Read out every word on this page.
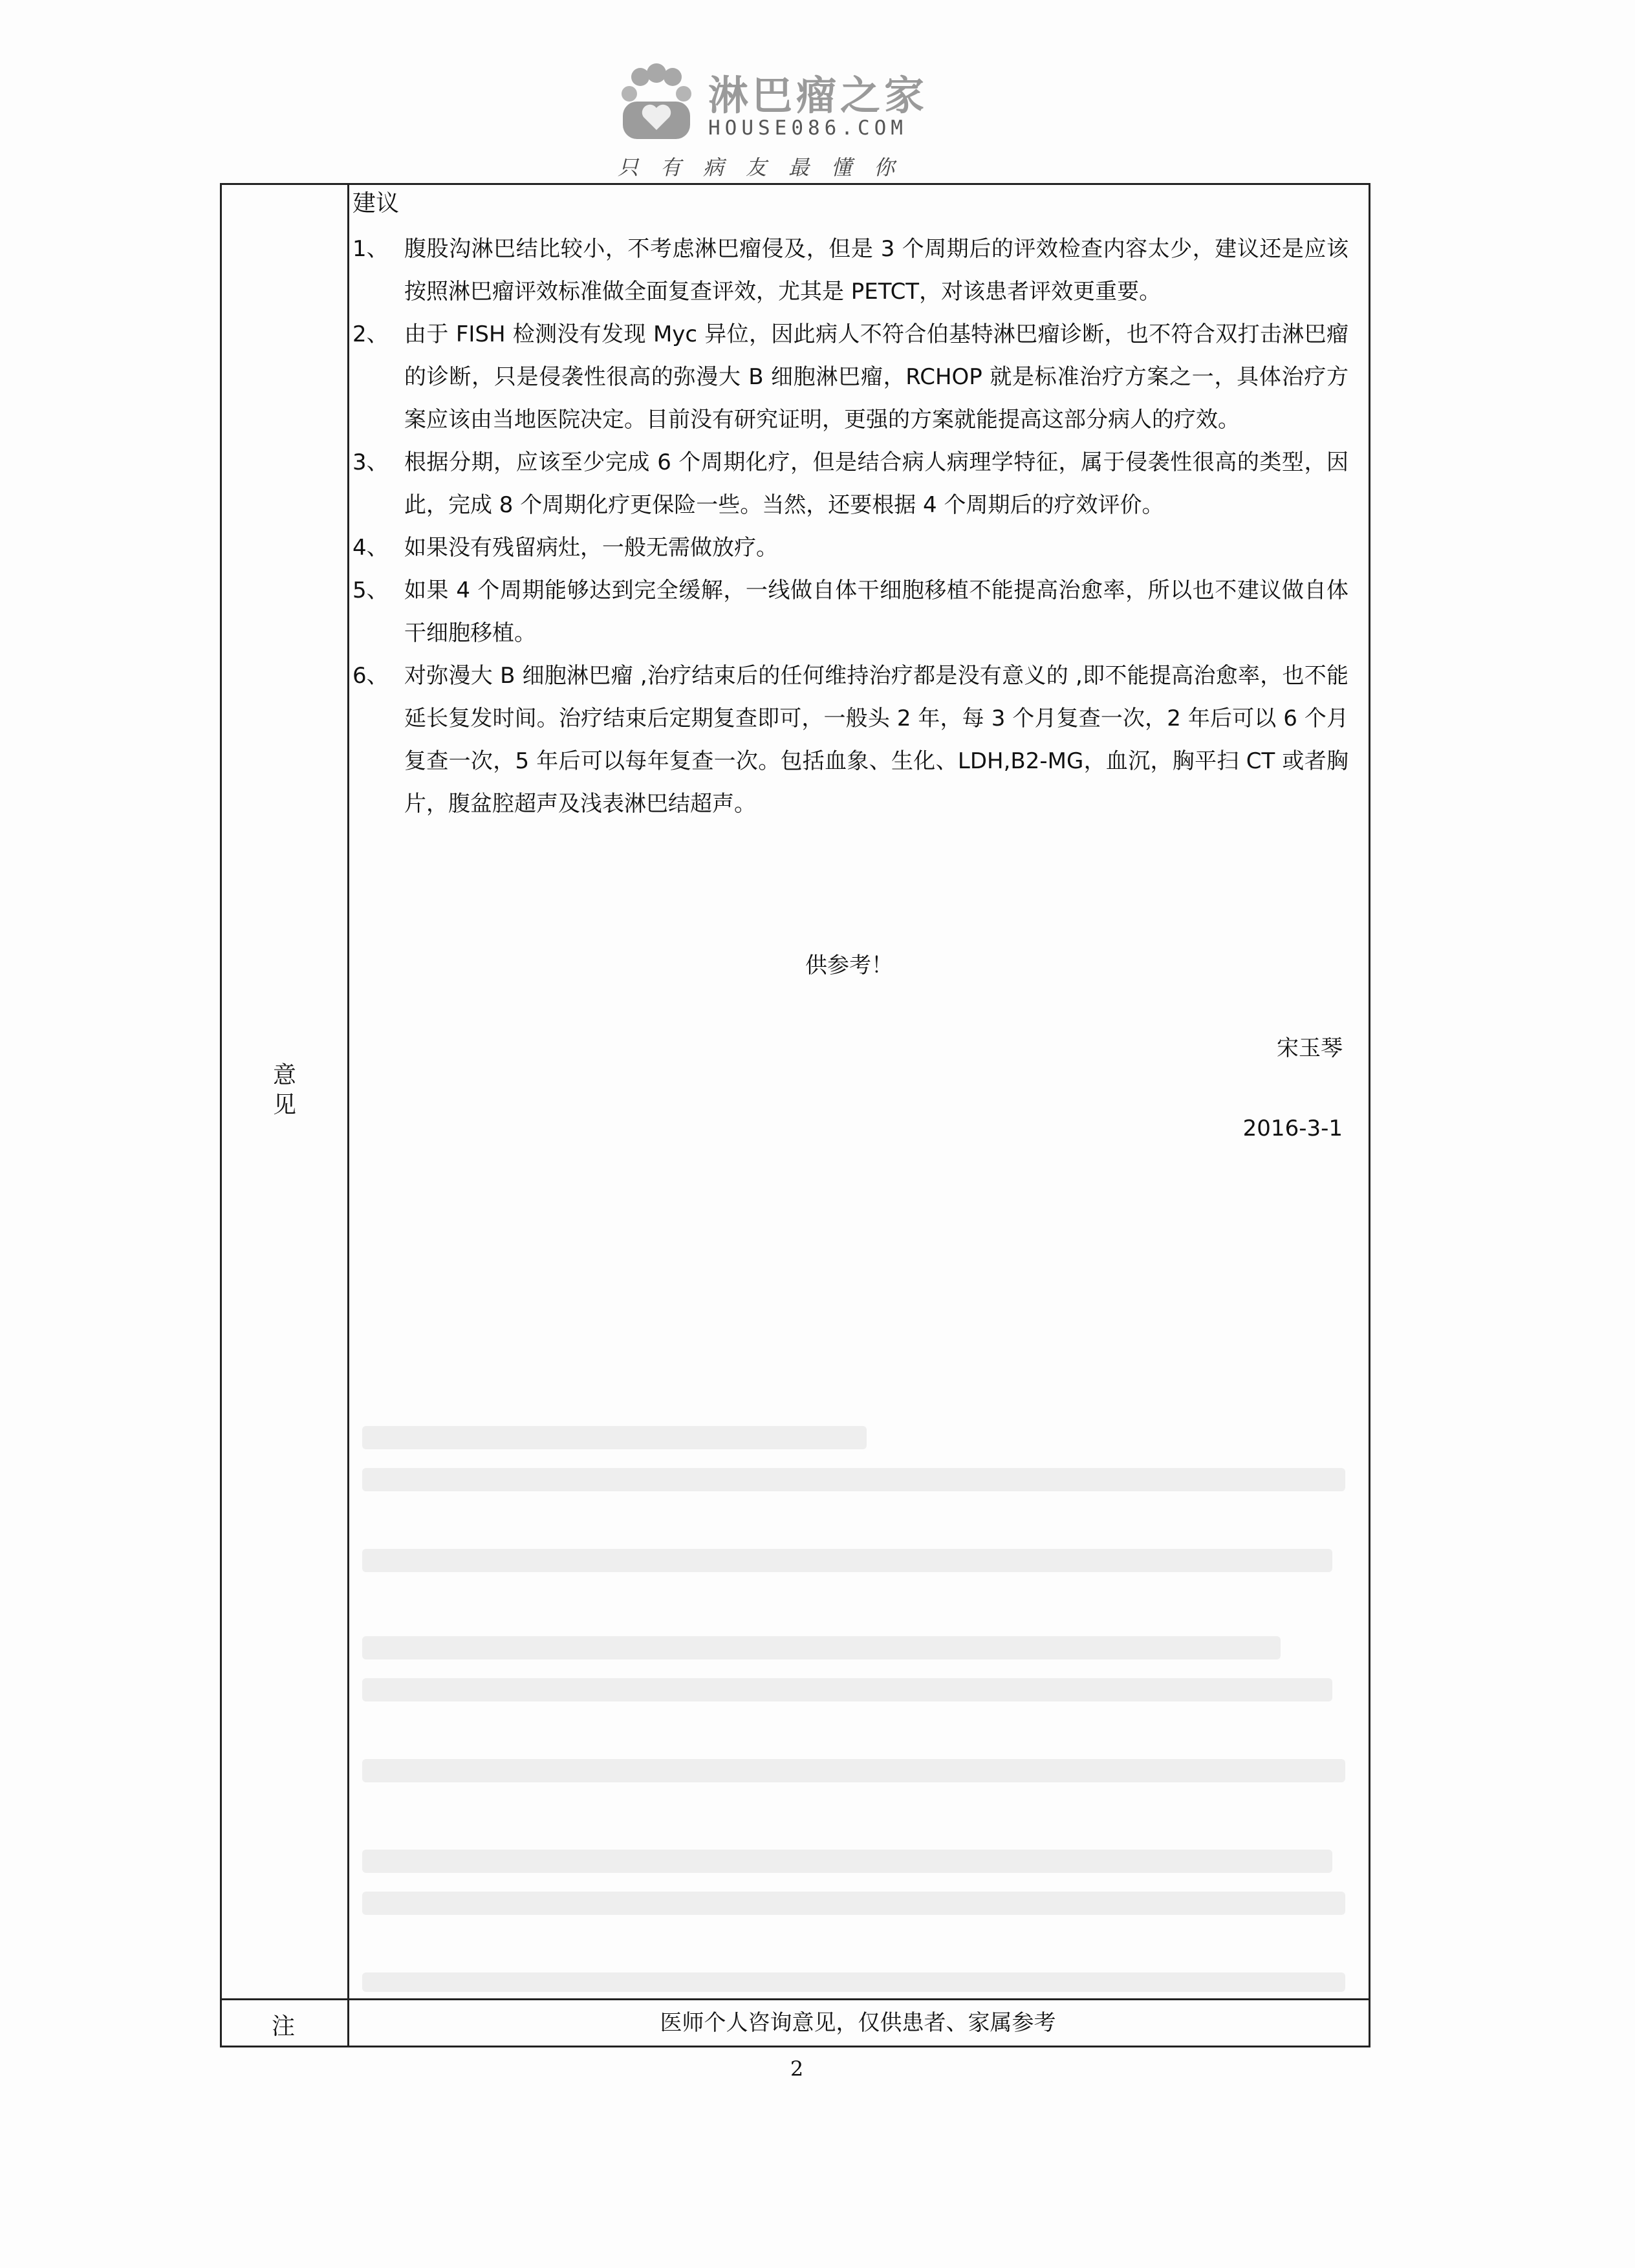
淋巴瘤之家
HOUSE086.COM
只有病友最懂你
意
见
建议
1、 腹股沟淋巴结比较小，不考虑淋巴瘤侵及，但是 3 个周期后的评效检查内容太少，建议还是应该按照淋巴瘤评效标准做全面复查评效，尤其是 PETCT，对该患者评效更重要。
2、 由于 FISH 检测没有发现 Myc 异位，因此病人不符合伯基特淋巴瘤诊断，也不符合双打击淋巴瘤的诊断，只是侵袭性很高的弥漫大 B 细胞淋巴瘤，RCHOP 就是标准治疗方案之一，具体治疗方案应该由当地医院决定。目前没有研究证明，更强的方案就能提高这部分病人的疗效。
3、 根据分期，应该至少完成 6 个周期化疗，但是结合病人病理学特征，属于侵袭性很高的类型，因此，完成 8 个周期化疗更保险一些。当然，还要根据 4 个周期后的疗效评价。
4、 如果没有残留病灶，一般无需做放疗。
5、 如果 4 个周期能够达到完全缓解，一线做自体干细胞移植不能提高治愈率，所以也不建议做自体干细胞移植。
6、 对弥漫大 B 细胞淋巴瘤 ,治疗结束后的任何维持治疗都是没有意义的 ,即不能提高治愈率，也不能延长复发时间。治疗结束后定期复查即可，一般头 2 年，每 3 个月复查一次，2 年后可以 6 个月复查一次，5 年后可以每年复查一次。包括血象、生化、LDH,B2-MG，血沉，胸平扫 CT 或者胸片，腹盆腔超声及浅表淋巴结超声。
供参考！
宋玉琴
2016-3-1
注	医师个人咨询意见，仅供患者、家属参考
2
